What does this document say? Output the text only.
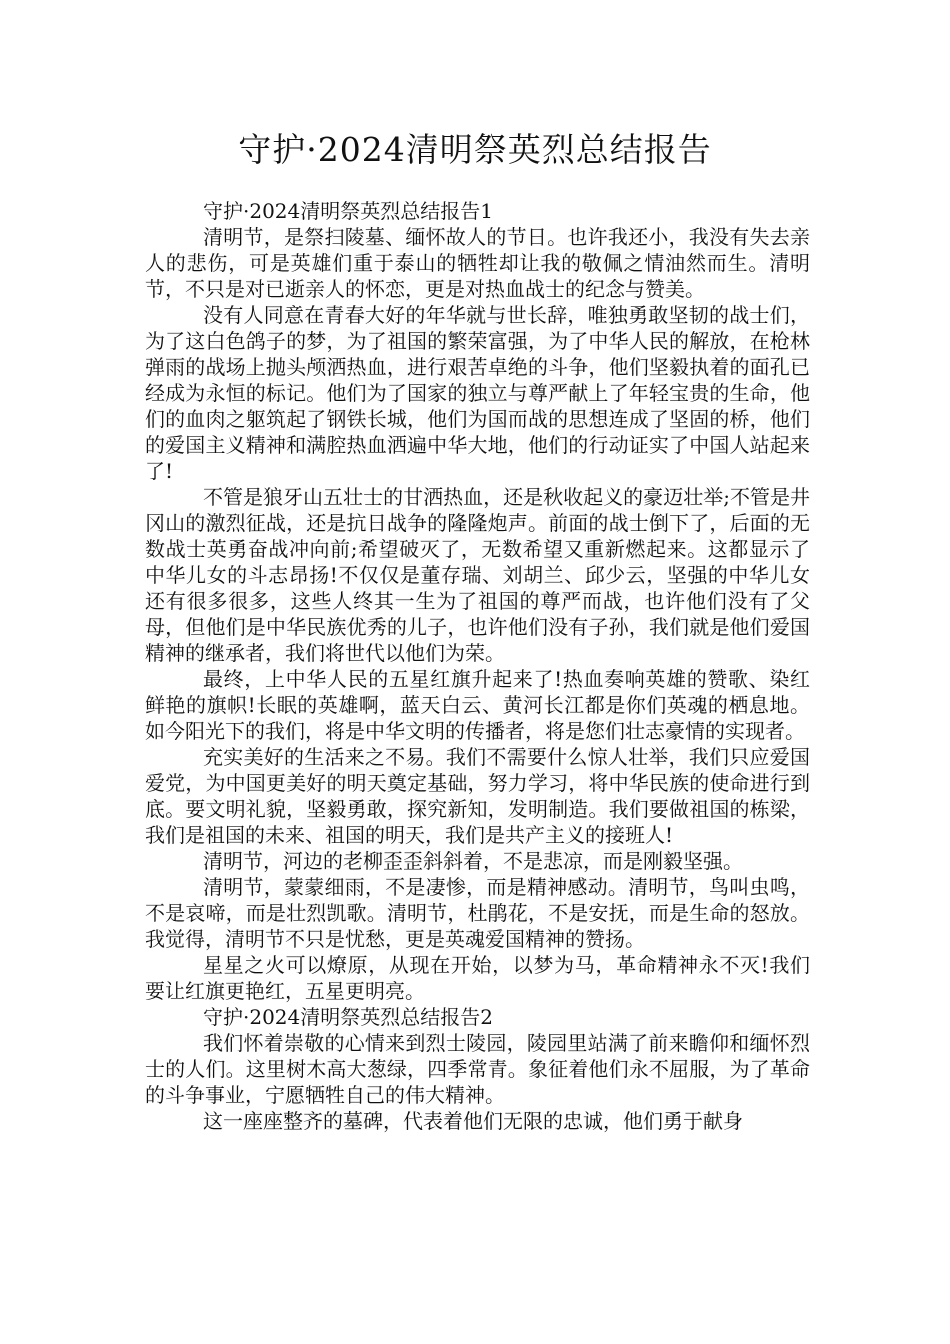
守护·2024清明祭英烈总结报告
守护·2024清明祭英烈总结报告1

清明节，是祭扫陵墓、缅怀故人的节日。也许我还小，我没有失去亲人的悲伤，可是英雄们重于泰山的牺牲却让我的敬佩之情油然而生。清明节，不只是对已逝亲人的怀恋，更是对热血战士的纪念与赞美。

没有人同意在青春大好的年华就与世长辞，唯独勇敢坚韧的战士们，为了这白色鸽子的梦，为了祖国的繁荣富强，为了中华人民的解放，在枪林弹雨的战场上抛头颅洒热血，进行艰苦卓绝的斗争，他们坚毅执着的面孔已经成为永恒的标记。他们为了国家的独立与尊严献上了年轻宝贵的生命，他们的血肉之躯筑起了钢铁长城，他们为国而战的思想连成了坚固的桥，他们的爱国主义精神和满腔热血洒遍中华大地，他们的行动证实了中国人站起来了!

不管是狼牙山五壮士的甘洒热血，还是秋收起义的豪迈壮举;不管是井冈山的激烈征战，还是抗日战争的隆隆炮声。前面的战士倒下了，后面的无数战士英勇奋战冲向前;希望破灭了，无数希望又重新燃起来。这都显示了中华儿女的斗志昂扬!不仅仅是董存瑞、刘胡兰、邱少云，坚强的中华儿女还有很多很多，这些人终其一生为了祖国的尊严而战，也许他们没有了父母，但他们是中华民族优秀的儿子，也许他们没有子孙，我们就是他们爱国精神的继承者，我们将世代以他们为荣。

最终，上中华人民的五星红旗升起来了!热血奏响英雄的赞歌、染红鲜艳的旗帜!长眠的英雄啊，蓝天白云、黄河长江都是你们英魂的栖息地。如今阳光下的我们，将是中华文明的传播者，将是您们壮志豪情的实现者。

充实美好的生活来之不易。我们不需要什么惊人壮举，我们只应爱国爱党，为中国更美好的明天奠定基础，努力学习，将中华民族的使命进行到底。要文明礼貌，坚毅勇敢，探究新知，发明制造。我们要做祖国的栋梁，我们是祖国的未来、祖国的明天，我们是共产主义的接班人!

清明节，河边的老柳歪歪斜斜着，不是悲凉，而是刚毅坚强。

清明节，蒙蒙细雨，不是凄惨，而是精神感动。清明节，鸟叫虫鸣，不是哀啼，而是壮烈凯歌。清明节，杜鹃花，不是安抚，而是生命的怒放。我觉得，清明节不只是忧愁，更是英魂爱国精神的赞扬。

星星之火可以燎原，从现在开始，以梦为马，革命精神永不灭!我们要让红旗更艳红，五星更明亮。

守护·2024清明祭英烈总结报告2

我们怀着崇敬的心情来到烈士陵园，陵园里站满了前来瞻仰和缅怀烈士的人们。这里树木高大葱绿，四季常青。象征着他们永不屈服，为了革命的斗争事业，宁愿牺牲自己的伟大精神。

这一座座整齐的墓碑，代表着他们无限的忠诚，他们勇于献身
